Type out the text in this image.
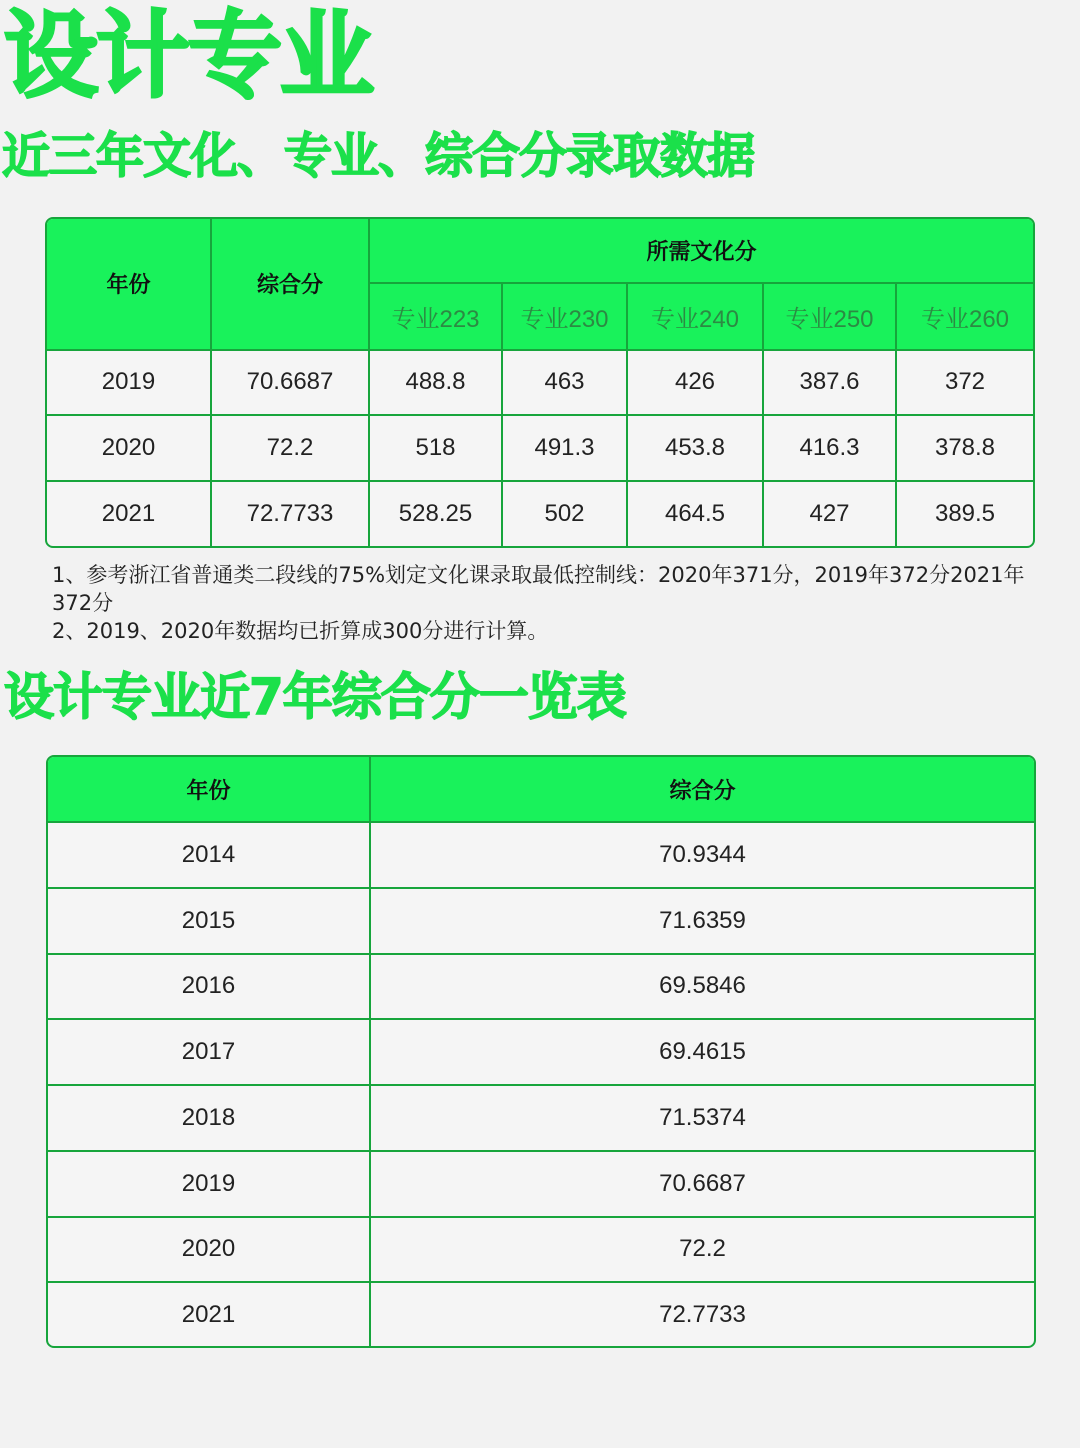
设计专业
近三年文化、专业、综合分录取数据
年份	综合分	所需文化分				
		专业223	专业230	专业240	专业250	专业260
2019	70.6687	488.8	463	426	387.6	372
2020	72.2	518	491.3	453.8	416.3	378.8
2021	72.7733	528.25	502	464.5	427	389.5

1、参考浙江省普通类二段线的75%划定文化课录取最低控制线：2020年371分，2019年372分2021年372分

2、2019、2020年数据均已折算成300分进行计算。

设计专业近7年综合分一览表
年份	综合分
2014	70.9344
2015	71.6359
2016	69.5846
2017	69.4615
2018	71.5374
2019	70.6687
2020	72.2
2021	72.7733
